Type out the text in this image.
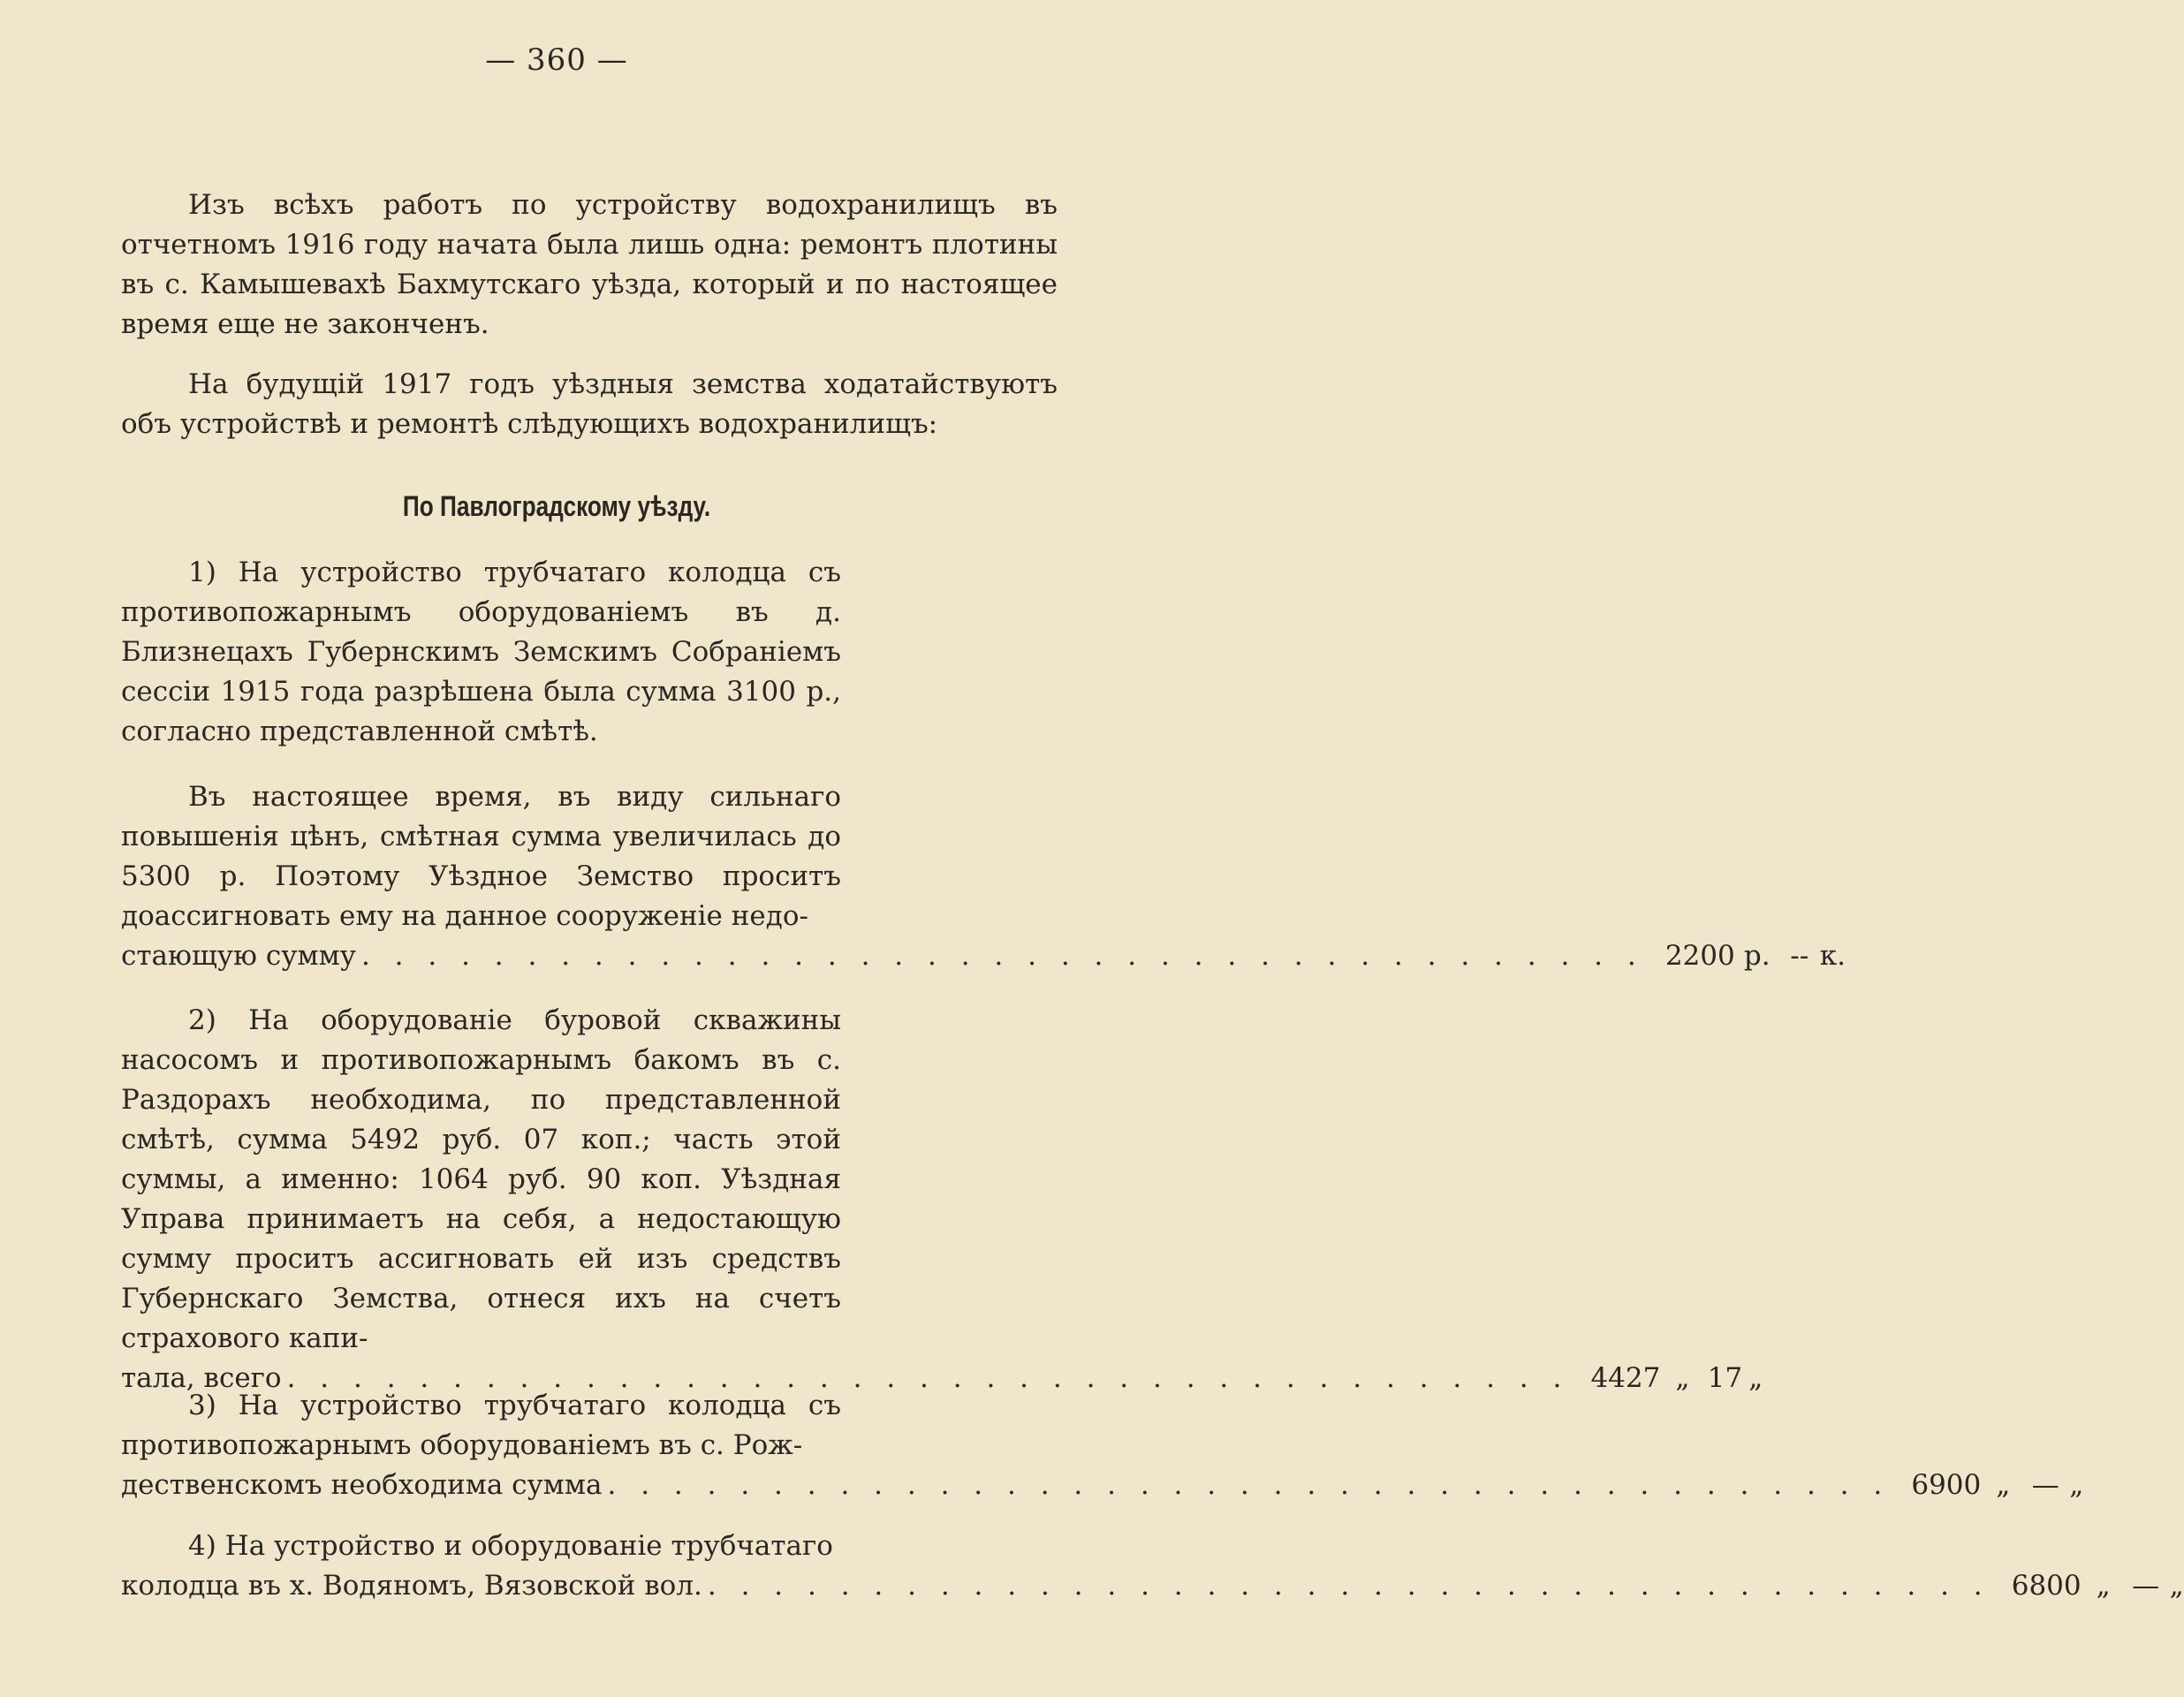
— 360 —

Изъ всѣхъ работъ по устройству водохранилищъ въ отчетномъ 1916 году начата была лишь одна: ремонтъ плотины въ с. Камышевахѣ Бахмутскаго уѣзда, который и по настоящее время еще не законченъ.

На будущій 1917 годъ уѣздныя земства ходатайствуютъ объ устройствѣ и ремонтѣ слѣдующихъ водохранилищъ:

По Павлоградскому уѣзду.

1) На устройство трубчатаго колодца съ противопожарнымъ оборудованіемъ въ д. Близнецахъ Губернскимъ Земскимъ Собраніемъ сессіи 1915 года разрѣшена была сумма 3100 р., согласно представленной смѣтѣ.

Въ настоящее время, въ виду сильнаго повышенія цѣнъ, смѣтная сумма увеличилась до 5300 р. Поэтому Уѣздное Земство проситъ доассигновать ему на данное сооруженіе недо-

стающую сумму . . . . . . . . . . . . . . . . . . . . . . . . . . . . . . . . . . . . . . . 2200 р. -- к.

2) На оборудованіе буровой скважины насосомъ и противопожарнымъ бакомъ въ с. Раздорахъ необходима, по представленной смѣтѣ, сумма 5492 руб. 07 коп.; часть этой суммы, а именно: 1064 руб. 90 коп. Уѣздная Управа принимаетъ на себя, а недостающую сумму проситъ ассигновать ей изъ средствъ Губернскаго Земства, отнеся ихъ на счетъ страхового капи-

тала, всего . . . . . . . . . . . . . . . . . . . . . . . . . . . . . . . . . . . . . . . 4427 „ 17 „

3) На устройство трубчатаго колодца съ противопожарнымъ оборудованіемъ въ с. Рож-

дественскомъ необходима сумма . . . . . . . . . . . . . . . . . . . . . . . . . . . . . . . . . . . . . . . 6900 „ — „

4) На устройство и оборудованіе трубчатаго

колодца въ х. Водяномъ, Вязовской вол. . . . . . . . . . . . . . . . . . . . . . . . . . . . . . . . . . . . . . . . 6800 „ — „
